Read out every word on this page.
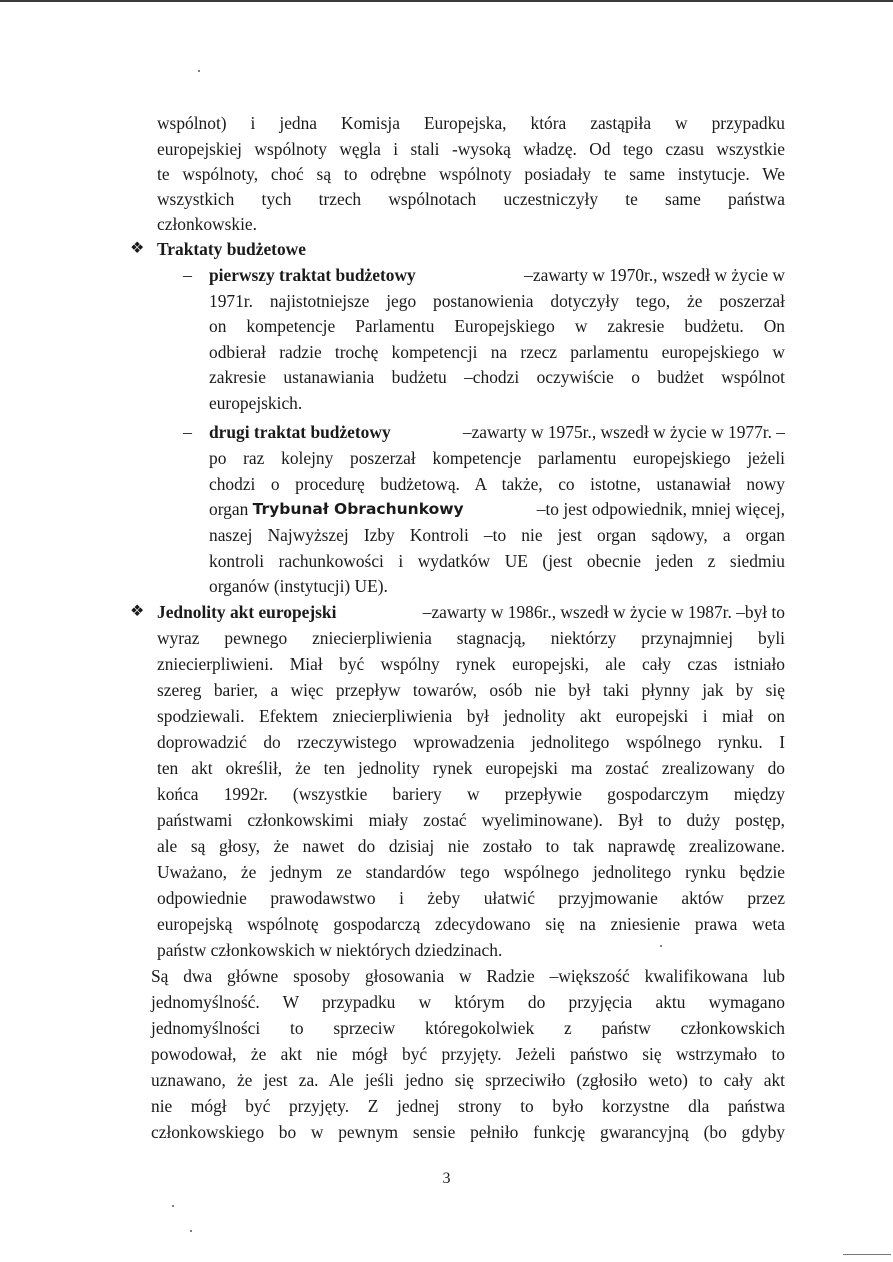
wspólnot) i jedna Komisja Europejska, która zastąpiła w przypadku
europejskiej wspólnoty węgla i stali -wysoką władzę. Od tego czasu wszystkie
te wspólnoty, choć są to odrębne wspólnoty posiadały te same instytucje. We
wszystkich tych trzech wspólnotach uczestniczyły te same państwa
członkowskie.
❖ Traktaty budżetowe
– pierwszy traktat budżetowy	–zawarty w 1970r., wszedł w życie w
1971r. najistotniejsze jego postanowienia dotyczyły tego, że poszerzał
on kompetencje Parlamentu Europejskiego w zakresie budżetu. On
odbierał radzie trochę kompetencji na rzecz parlamentu europejskiego w
zakresie ustanawiania budżetu –chodzi oczywiście o budżet wspólnot
europejskich.
– drugi traktat budżetowy	–zawarty w 1975r., wszedł w życie w 1977r. –
po raz kolejny poszerzał kompetencje parlamentu europejskiego jeżeli
chodzi o procedurę budżetową. A także, co istotne, ustanawiał nowy
organ Trybunał Obrachunkowy	–to jest odpowiednik, mniej więcej,
naszej Najwyższej Izby Kontroli –to nie jest organ sądowy, a organ
kontroli rachunkowości i wydatków UE (jest obecnie jeden z siedmiu
organów (instytucji) UE).
❖ Jednolity akt europejski	–zawarty w 1986r., wszedł w życie w 1987r. –był to
wyraz pewnego zniecierpliwienia stagnacją, niektórzy przynajmniej byli
zniecierpliwieni. Miał być wspólny rynek europejski, ale cały czas istniało
szereg barier, a więc przepływ towarów, osób nie był taki płynny jak by się
spodziewali. Efektem zniecierpliwienia był jednolity akt europejski i miał on
doprowadzić do rzeczywistego wprowadzenia jednolitego wspólnego rynku. I
ten akt określił, że ten jednolity rynek europejski ma zostać zrealizowany do
końca 1992r. (wszystkie bariery w przepływie gospodarczym między
państwami członkowskimi miały zostać wyeliminowane). Był to duży postęp,
ale są głosy, że nawet do dzisiaj nie zostało to tak naprawdę zrealizowane.
Uważano, że jednym ze standardów tego wspólnego jednolitego rynku będzie
odpowiednie prawodawstwo i żeby ułatwić przyjmowanie aktów przez
europejską wspólnotę gospodarczą zdecydowano się na zniesienie prawa weta
państw członkowskich w niektórych dziedzinach.
Są dwa główne sposoby głosowania w Radzie –większość kwalifikowana lub
jednomyślność. W przypadku w którym do przyjęcia aktu wymagano
jednomyślności to sprzeciw któregokolwiek z państw członkowskich
powodował, że akt nie mógł być przyjęty. Jeżeli państwo się wstrzymało to
uznawano, że jest za. Ale jeśli jedno się sprzeciwiło (zgłosiło weto) to cały akt
nie mógł być przyjęty. Z jednej strony to było korzystne dla państwa
członkowskiego bo w pewnym sensie pełniło funkcję gwarancyjną (bo gdyby
3
